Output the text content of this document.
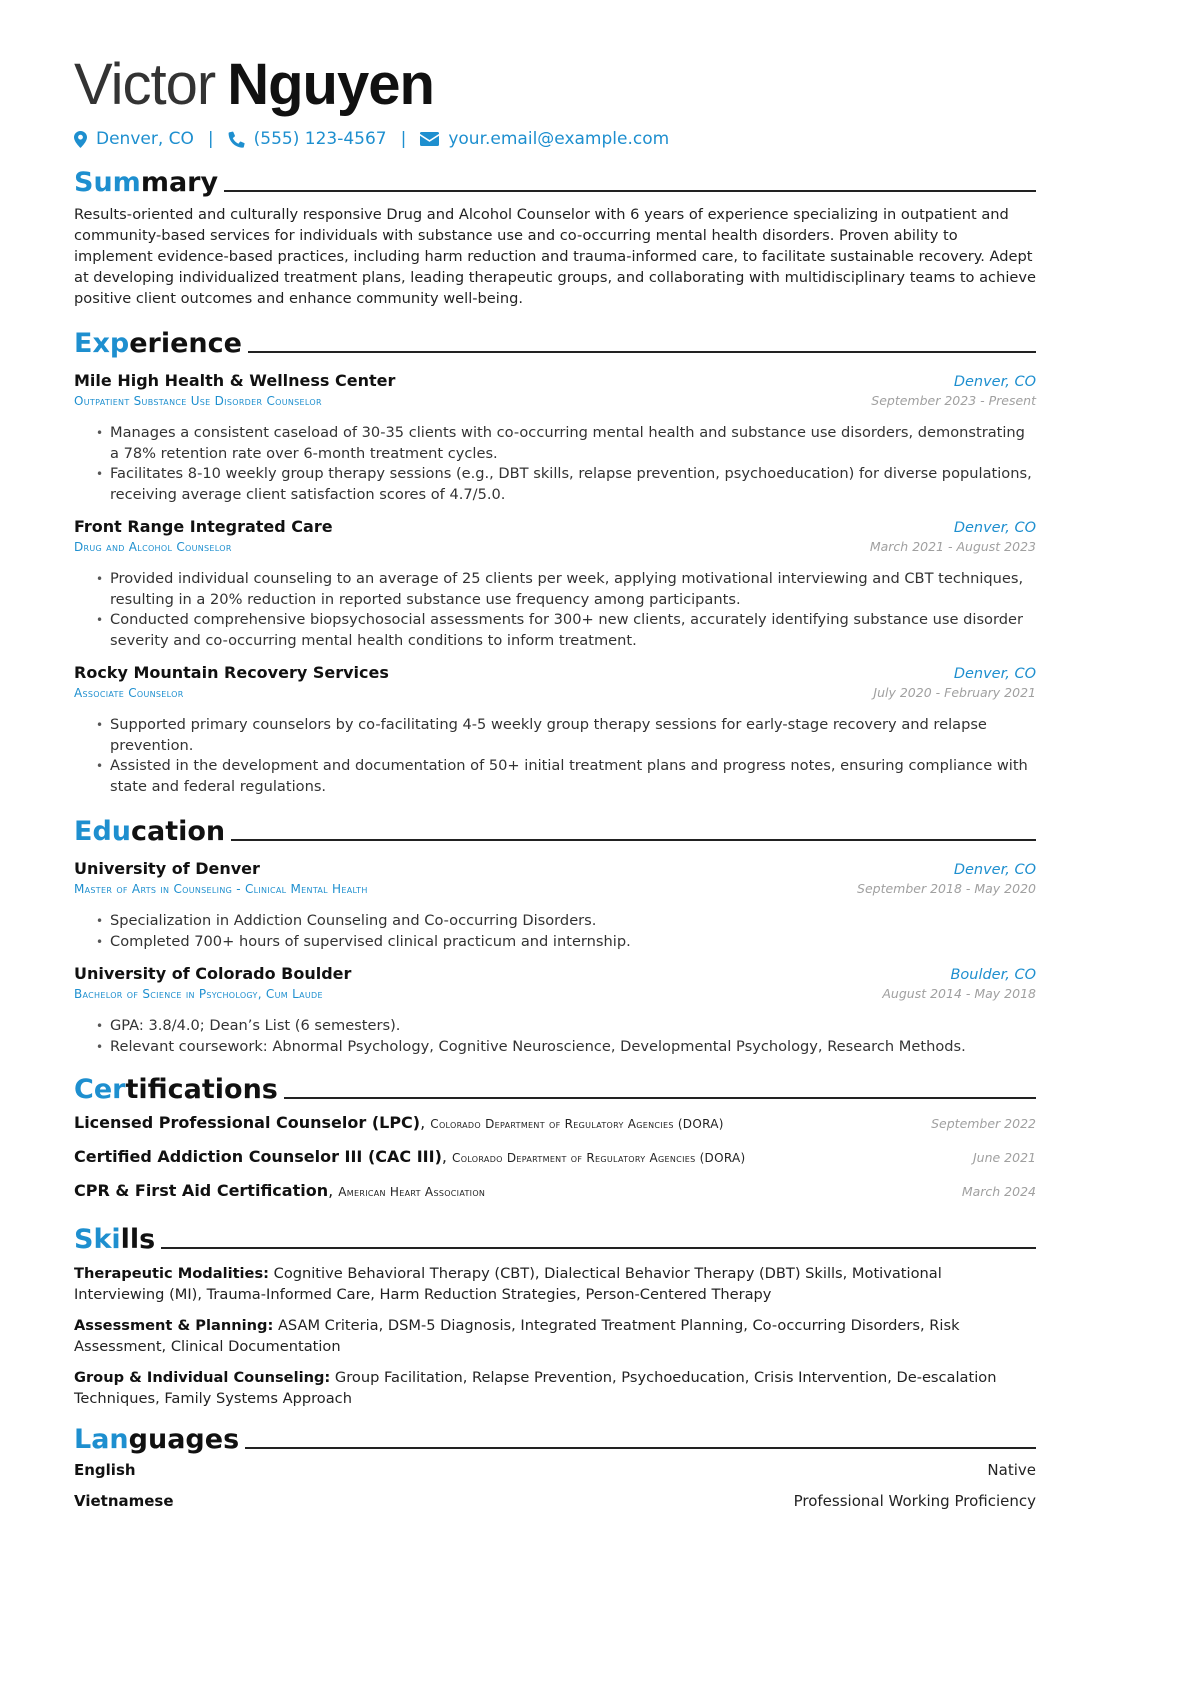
Victor Nguyen
Denver, CO | (555) 123-4567 | your.email@example.com
Summary
Results-oriented and culturally responsive Drug and Alcohol Counselor with 6 years of experience specializing in outpatient and community-based services for individuals with substance use and co-occurring mental health disorders. Proven ability to implement evidence-based practices, including harm reduction and trauma-informed care, to facilitate sustainable recovery. Adept at developing individualized treatment plans, leading therapeutic groups, and collaborating with multidisciplinary teams to achieve positive client outcomes and enhance community well-being.
Experience
Mile High Health & Wellness Center	Denver, CO
Outpatient Substance Use Disorder Counselor	September 2023 - Present
• Manages a consistent caseload of 30-35 clients with co-occurring mental health and substance use disorders, demonstrating a 78% retention rate over 6-month treatment cycles.
• Facilitates 8-10 weekly group therapy sessions (e.g., DBT skills, relapse prevention, psychoeducation) for diverse populations, receiving average client satisfaction scores of 4.7/5.0.
Front Range Integrated Care	Denver, CO
Drug and Alcohol Counselor	March 2021 - August 2023
• Provided individual counseling to an average of 25 clients per week, applying motivational interviewing and CBT techniques, resulting in a 20% reduction in reported substance use frequency among participants.
• Conducted comprehensive biopsychosocial assessments for 300+ new clients, accurately identifying substance use disorder severity and co-occurring mental health conditions to inform treatment.
Rocky Mountain Recovery Services	Denver, CO
Associate Counselor	July 2020 - February 2021
• Supported primary counselors by co-facilitating 4-5 weekly group therapy sessions for early-stage recovery and relapse prevention.
• Assisted in the development and documentation of 50+ initial treatment plans and progress notes, ensuring compliance with state and federal regulations.
Education
University of Denver	Denver, CO
Master of Arts in Counseling - Clinical Mental Health	September 2018 - May 2020
• Specialization in Addiction Counseling and Co-occurring Disorders.
• Completed 700+ hours of supervised clinical practicum and internship.
University of Colorado Boulder	Boulder, CO
Bachelor of Science in Psychology, Cum Laude	August 2014 - May 2018
• GPA: 3.8/4.0; Dean’s List (6 semesters).
• Relevant coursework: Abnormal Psychology, Cognitive Neuroscience, Developmental Psychology, Research Methods.
Certifications
Licensed Professional Counselor (LPC), Colorado Department of Regulatory Agencies (DORA)	September 2022
Certified Addiction Counselor III (CAC III), Colorado Department of Regulatory Agencies (DORA)	June 2021
CPR & First Aid Certification, American Heart Association	March 2024
Skills
Therapeutic Modalities: Cognitive Behavioral Therapy (CBT), Dialectical Behavior Therapy (DBT) Skills, Motivational Interviewing (MI), Trauma-Informed Care, Harm Reduction Strategies, Person-Centered Therapy
Assessment & Planning: ASAM Criteria, DSM-5 Diagnosis, Integrated Treatment Planning, Co-occurring Disorders, Risk Assessment, Clinical Documentation
Group & Individual Counseling: Group Facilitation, Relapse Prevention, Psychoeducation, Crisis Intervention, De-escalation Techniques, Family Systems Approach
Languages
English	Native
Vietnamese	Professional Working Proficiency
